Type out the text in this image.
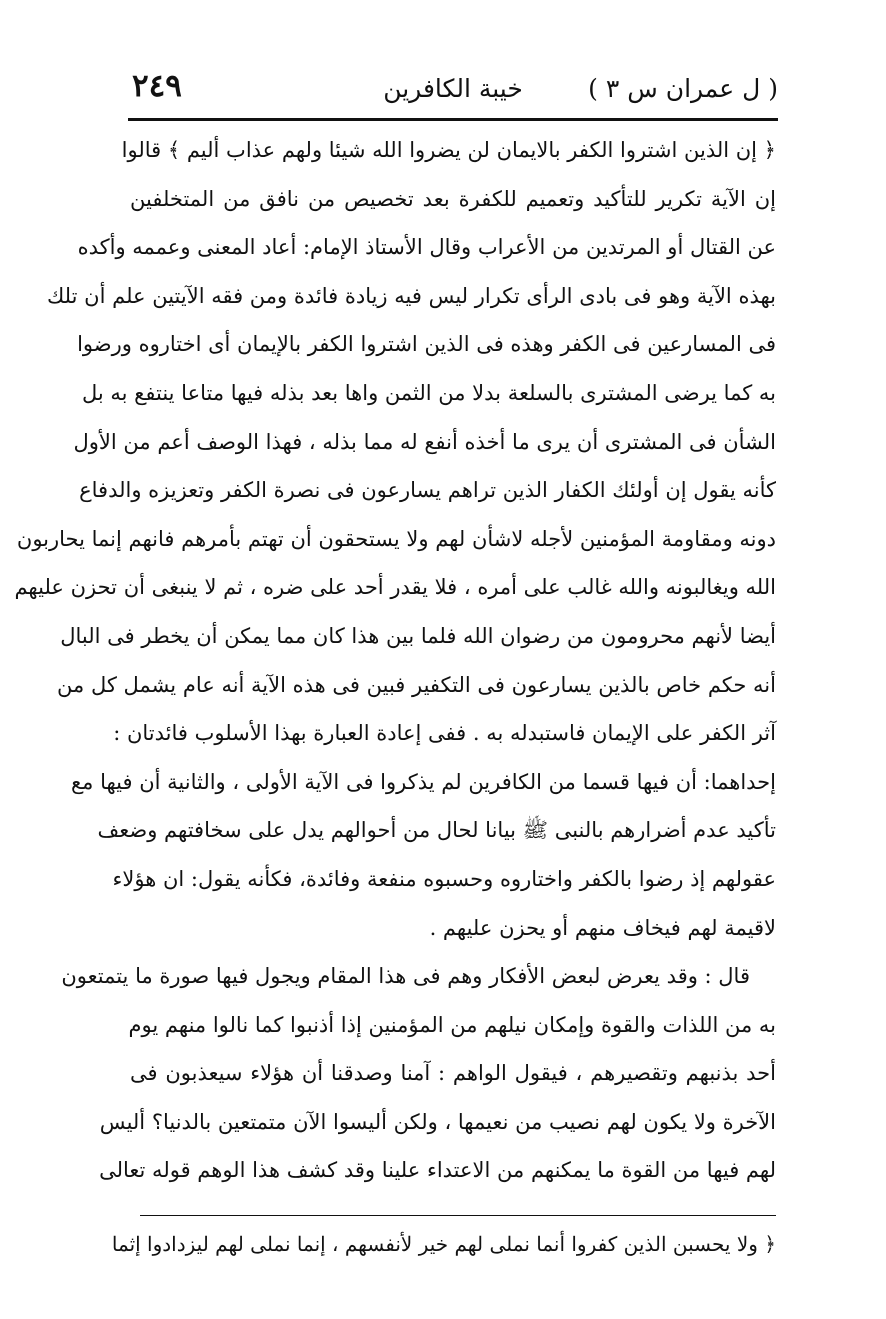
( ل عمران س ٣ )
خيبة الكافرين
٢٤٩
﴿ إن الذين اشتروا الكفر بالايمان لن يضروا الله شيئا ولهم عذاب أليم ﴾ قالوا
إن الآية تكرير للتأكيد وتعميم للكفرة بعد تخصيص من نافق من المتخلفين
عن القتال أو المرتدين من الأعراب وقال الأستاذ الإمام: أعاد المعنى وعممه وأكده
بهذه الآية وهو فى بادى الرأى تكرار ليس فيه زيادة فائدة ومن فقه الآيتين علم أن تلك
فى المسارعين فى الكفر وهذه فى الذين اشتروا الكفر بالإيمان أى اختاروه ورضوا
به كما يرضى المشترى بالسلعة بدلا من الثمن واها بعد بذله فيها متاعا ينتفع به بل
الشأن فى المشترى أن يرى ما أخذه أنفع له مما بذله ، فهذا الوصف أعم من الأول
كأنه يقول إن أولئك الكفار الذين تراهم يسارعون فى نصرة الكفر وتعزيزه والدفاع
دونه ومقاومة المؤمنين لأجله لاشأن لهم ولا يستحقون أن تهتم بأمرهم فانهم إنما يحاربون
الله ويغالبونه والله غالب على أمره ، فلا يقدر أحد على ضره ، ثم لا ينبغى أن تحزن عليهم
أيضا لأنهم محرومون من رضوان الله فلما بين هذا كان مما يمكن أن يخطر فى البال
أنه حكم خاص بالذين يسارعون فى التكفير فبين فى هذه الآية أنه عام يشمل كل من
آثر الكفر على الإيمان فاستبدله به . ففى إعادة العبارة بهذا الأسلوب فائدتان :
إحداهما: أن فيها قسما من الكافرين لم يذكروا فى الآية الأولى ، والثانية أن فيها مع
تأكيد عدم أضرارهم بالنبى ﷺ بيانا لحال من أحوالهم يدل على سخافتهم وضعف
عقولهم إذ رضوا بالكفر واختاروه وحسبوه منفعة وفائدة، فكأنه يقول: ان هؤلاء
لاقيمة لهم فيخاف منهم أو يحزن عليهم .
قال : وقد يعرض لبعض الأفكار وهم فى هذا المقام ويجول فيها صورة ما يتمتعون
به من اللذات والقوة وإمكان نيلهم من المؤمنين إذا أذنبوا كما نالوا منهم يوم
أحد بذنبهم وتقصيرهم ، فيقول الواهم : آمنا وصدقنا أن هؤلاء سيعذبون فى
الآخرة ولا يكون لهم نصيب من نعيمها ، ولكن أليسوا الآن متمتعين بالدنيا؟ أليس
لهم فيها من القوة ما يمكنهم من الاعتداء علينا وقد كشف هذا الوهم قوله تعالى
﴿ ولا يحسبن الذين كفروا أنما نملى لهم خير لأنفسهم ، إنما نملى لهم ليزدادوا إثما
